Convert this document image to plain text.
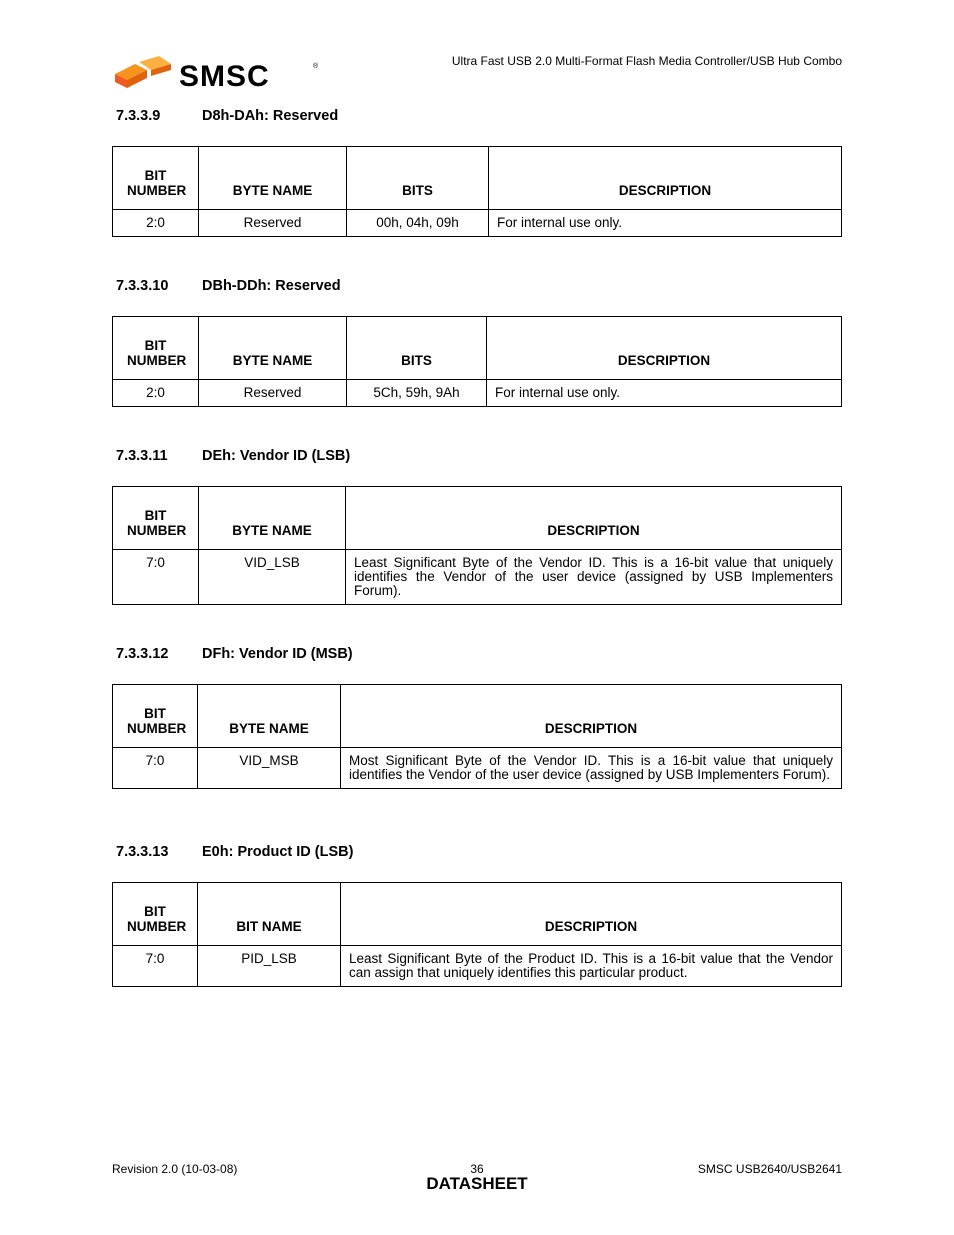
SMSC	®	Ultra Fast USB 2.0 Multi-Format Flash Media Controller/USB Hub Combo
7.3.3.9	D8h-DAh: Reserved
BIT NUMBER	BYTE NAME	BITS	DESCRIPTION
2:0	Reserved	00h, 04h, 09h	For internal use only.
7.3.3.10 DBh-DDh: Reserved
BIT NUMBER	BYTE NAME	BITS	DESCRIPTION
2:0	Reserved	5Ch, 59h, 9Ah	For internal use only.
7.3.3.11 DEh: Vendor ID (LSB)
BIT NUMBER	BYTE NAME	DESCRIPTION
7:0	VID_LSB	Least Significant Byte of the Vendor ID. This is a 16-bit value that uniquely identifies the Vendor of the user device (assigned by USB Implementers Forum).
7.3.3.12 DFh: Vendor ID (MSB)
BIT NUMBER	BYTE NAME	DESCRIPTION
7:0	VID_MSB	Most Significant Byte of the Vendor ID. This is a 16-bit value that uniquely identifies the Vendor of the user device (assigned by USB Implementers Forum).
7.3.3.13 E0h: Product ID (LSB)
BIT NUMBER	BIT NAME	DESCRIPTION
7:0	PID_LSB	Least Significant Byte of the Product ID. This is a 16-bit value that the Vendor can assign that uniquely identifies this particular product.
Revision 2.0 (10-03-08)	36
DATASHEET
SMSC USB2640/USB2641
